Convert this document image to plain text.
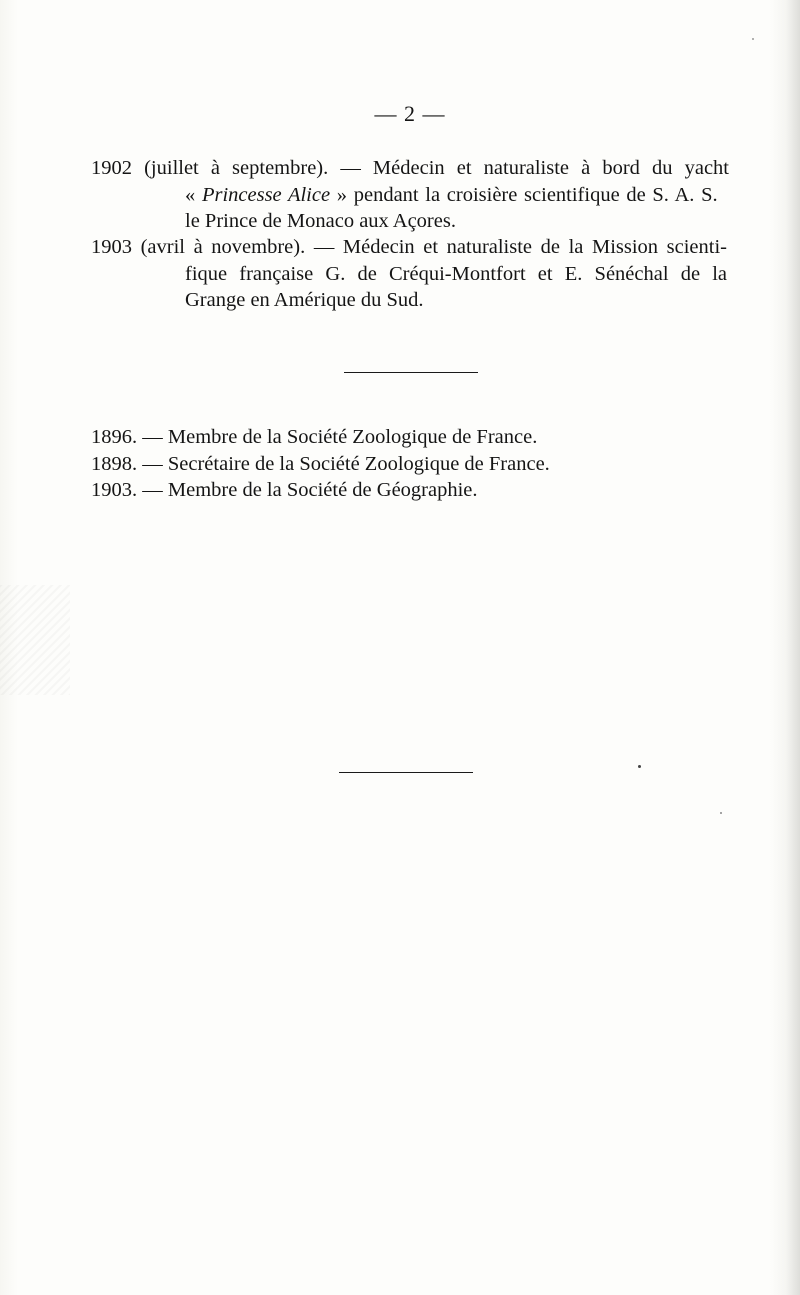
— 2 —
1902 (juillet à septembre). — Médecin et naturaliste à bord du yacht
« Princesse Alice » pendant la croisière scientifique de S. A. S.
le Prince de Monaco aux Açores.
1903 (avril à novembre). — Médecin et naturaliste de la Mission scienti-
fique française G. de Créqui-Montfort et E. Sénéchal de la
Grange en Amérique du Sud.
1896. — Membre de la Société Zoologique de France.
1898. — Secrétaire de la Société Zoologique de France.
1903. — Membre de la Société de Géographie.
